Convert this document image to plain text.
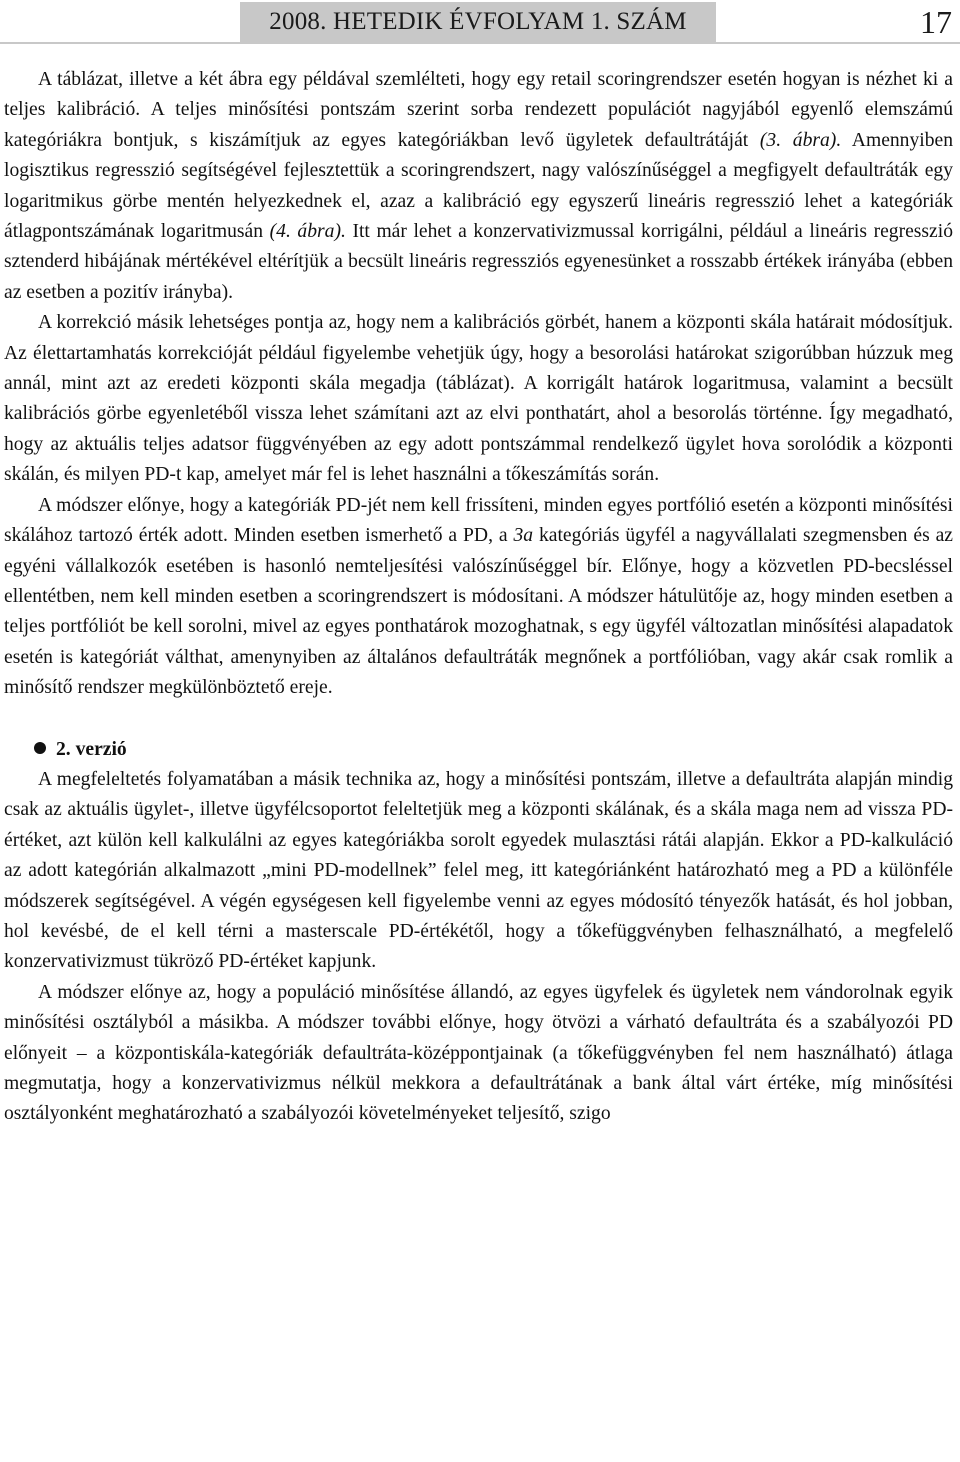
2008. HETEDIK ÉVFOLYAM 1. SZÁM	17

A táblázat, illetve a két ábra egy példával szemlélteti, hogy egy retail scoringrendszer esetén hogyan is nézhet ki a teljes kalibráció. A teljes minősítési pontszám szerint sorba rendezett populációt nagyjából egyenlő elemszámú kategóriákra bontjuk, s kiszámítjuk az egyes kategóriákban levő ügyletek defaultrátáját (3. ábra). Amennyiben logisztikus regresszió segítségével fejlesztettük a scoringrendszert, nagy valószínűséggel a megfigyelt defaultráták egy logaritmikus görbe mentén helyezkednek el, azaz a kalibráció egy egyszerű lineáris regresszió lehet a kategóriák átlagpontszámának logaritmusán (4. ábra). Itt már lehet a konzervativizmussal korrigálni, például a lineáris regresszió sztenderd hibájának mértékével eltérítjük a becsült lineáris regressziós egyenesünket a rosszabb értékek irányába (ebben az esetben a pozitív irányba).

A korrekció másik lehetséges pontja az, hogy nem a kalibrációs görbét, hanem a központi skála határait módosítjuk. Az élettartamhatás korrekcióját például figyelembe vehetjük úgy, hogy a besorolási határokat szigorúbban húzzuk meg annál, mint azt az eredeti központi skála megadja (táblázat). A korrigált határok logaritmusa, valamint a becsült kalibrációs görbe egyenletéből vissza lehet számítani azt az elvi ponthatárt, ahol a besorolás történne. Így megadható, hogy az aktuális teljes adatsor függvényében az egy adott pontszámmal rendelkező ügylet hova sorolódik a központi skálán, és milyen PD-t kap, amelyet már fel is lehet használni a tőkeszámítás során.

A módszer előnye, hogy a kategóriák PD-jét nem kell frissíteni, minden egyes portfólió esetén a központi minősítési skálához tartozó érték adott. Minden esetben ismerhető a PD, a 3a kategóriás ügyfél a nagyvállalati szegmensben és az egyéni vállalkozók esetében is hasonló nemteljesítési valószínűséggel bír. Előnye, hogy a közvetlen PD-becsléssel ellentétben, nem kell minden esetben a scoringrendszert is módosítani. A módszer hátulütője az, hogy minden esetben a teljes portfóliót be kell sorolni, mivel az egyes ponthatárok mozoghatnak, s egy ügyfél változatlan minősítési alapadatok esetén is kategóriát válthat, amenynyiben az általános defaultráták megnőnek a portfólióban, vagy akár csak romlik a minősítő rendszer megkülönböztető ereje.

2. verzió

A megfeleltetés folyamatában a másik technika az, hogy a minősítési pontszám, illetve a defaultráta alapján mindig csak az aktuális ügylet-, illetve ügyfélcsoportot feleltetjük meg a központi skálának, és a skála maga nem ad vissza PD-értéket, azt külön kell kalkulálni az egyes kategóriákba sorolt egyedek mulasztási rátái alapján. Ekkor a PD-kalkuláció az adott kategórián alkalmazott „mini PD-modellnek” felel meg, itt kategóriánként határozható meg a PD a különféle módszerek segítségével. A végén egységesen kell figyelembe venni az egyes módosító tényezők hatását, és hol jobban, hol kevésbé, de el kell térni a masterscale PD-értékétől, hogy a tőkefüggvényben felhasználható, a megfelelő konzervativizmust tükröző PD-értéket kapjunk.

A módszer előnye az, hogy a populáció minősítése állandó, az egyes ügyfelek és ügyletek nem vándorolnak egyik minősítési osztályból a másikba. A módszer további előnye, hogy ötvözi a várható defaultráta és a szabályozói PD előnyeit – a központiskála-kategóriák defaultráta-középpontjainak (a tőkefüggvényben fel nem használható) átlaga megmutatja, hogy a konzervativizmus nélkül mekkora a defaultrátának a bank által várt értéke, míg minősítési osztályonként meghatározható a szabályozói követelményeket teljesítő, szigo
